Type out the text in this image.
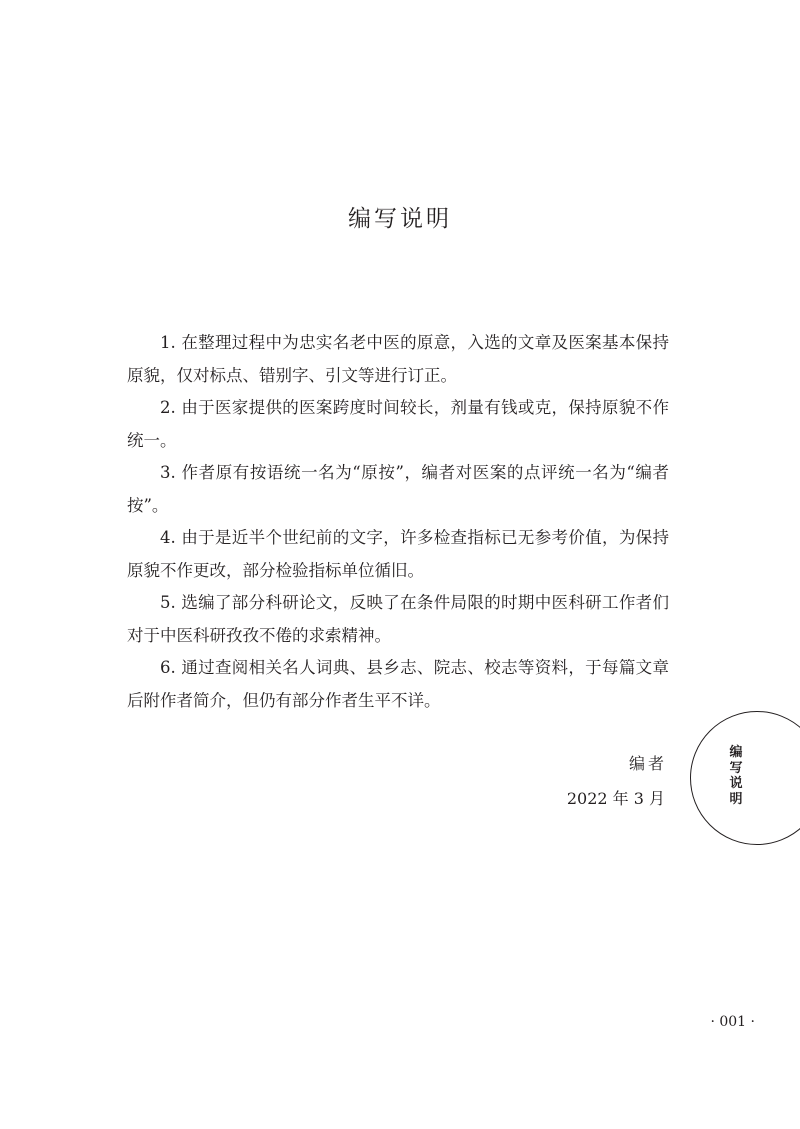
编写说明

1. 在整理过程中为忠实名老中医的原意，入选的文章及医案基本保持原貌，仅对标点、错别字、引文等进行订正。

2. 由于医家提供的医案跨度时间较长，剂量有钱或克，保持原貌不作统一。

3. 作者原有按语统一名为“原按”，编者对医案的点评统一名为“编者按”。

4. 由于是近半个世纪前的文字，许多检查指标已无参考价值，为保持原貌不作更改，部分检验指标单位循旧。

5. 选编了部分科研论文，反映了在条件局限的时期中医科研工作者们对于中医科研孜孜不倦的求索精神。

6. 通过查阅相关名人词典、县乡志、院志、校志等资料，于每篇文章后附作者简介，但仍有部分作者生平不详。

编者
2022 年 3 月
编写说明
· 001 ·
